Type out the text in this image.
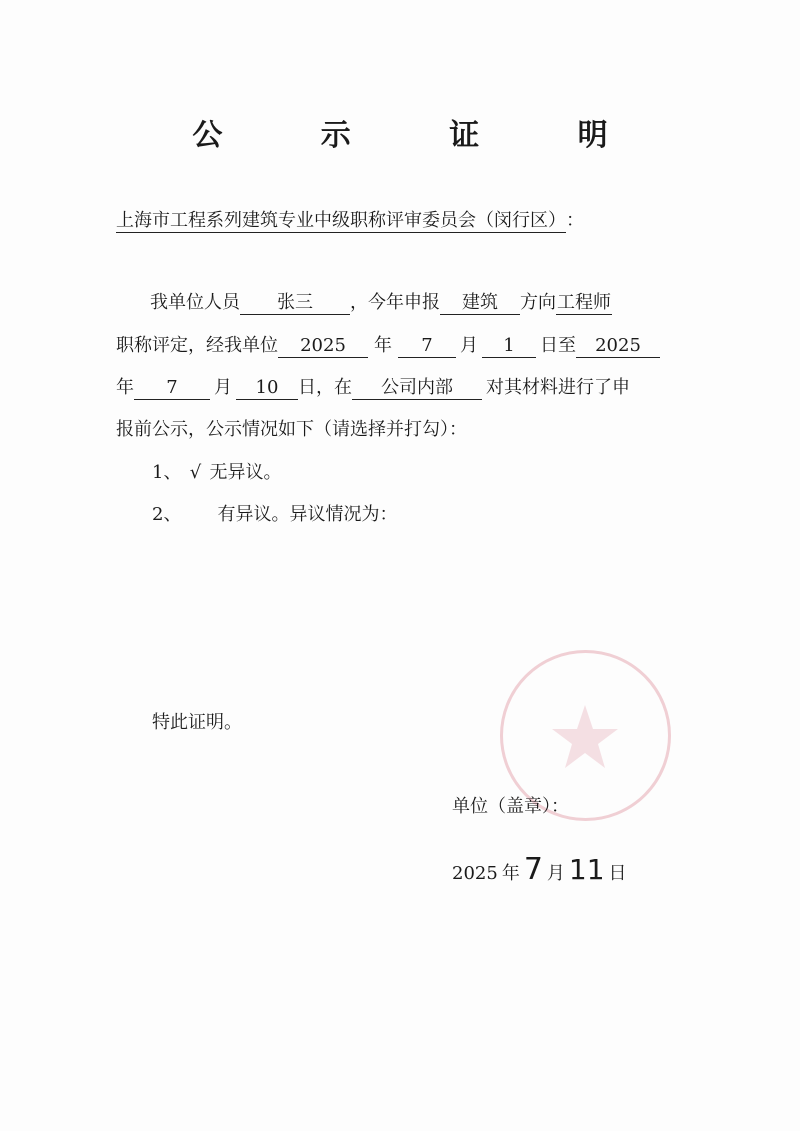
公 示 证 明
上海市工程系列建筑专业中级职称评审委员会（闵行区）：
我单位人员 张三 ，今年申报 建筑 方向工程师
职称评定，经我单位 2025 年 7 月 1 日至 2025
年 7 月 10 日，在 公司内部 对其材料进行了申
报前公示，公示情况如下（请选择并打勾）：
1、 √ 无异议。
2、 有异议。异议情况为：
特此证明。
单位（盖章）：
2025 年 7 月 11 日
